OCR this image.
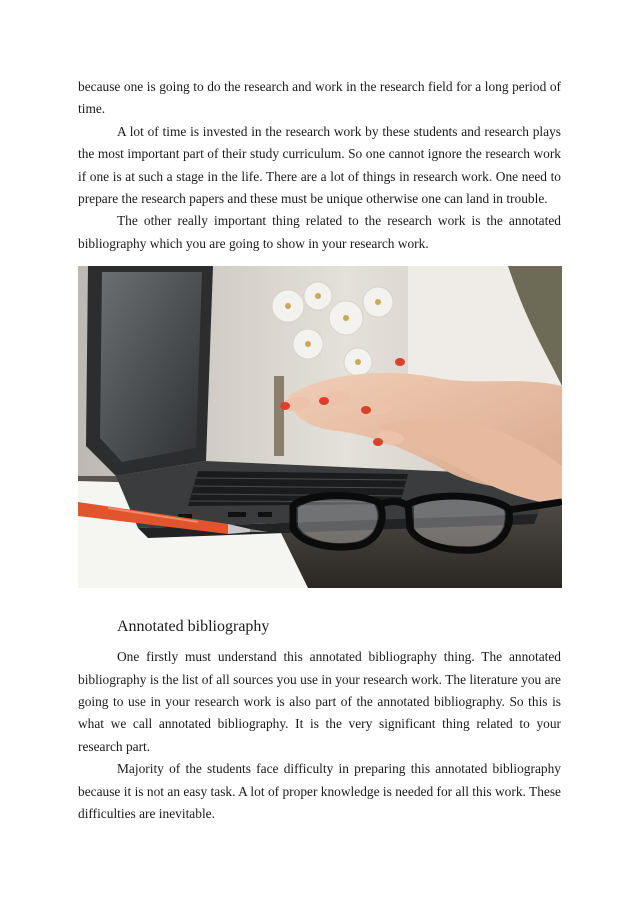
because one is going to do the research and work in the research field for a long period of time.

A lot of time is invested in the research work by these students and research plays the most important part of their study curriculum. So one cannot ignore the research work if one is at such a stage in the life. There are a lot of things in research work. One need to prepare the research papers and these must be unique otherwise one can land in trouble.

The other really important thing related to the research work is the annotated bibliography which you are going to show in your research work.

Annotated bibliography

One firstly must understand this annotated bibliography thing. The annotated bibliography is the list of all sources you use in your research work. The literature you are going to use in your research work is also part of the annotated bibliography. So this is what we call annotated bibliography. It is the very significant thing related to your research part.

Majority of the students face difficulty in preparing this annotated bibliography because it is not an easy task. A lot of proper knowledge is needed for all this work. These difficulties are inevitable.
